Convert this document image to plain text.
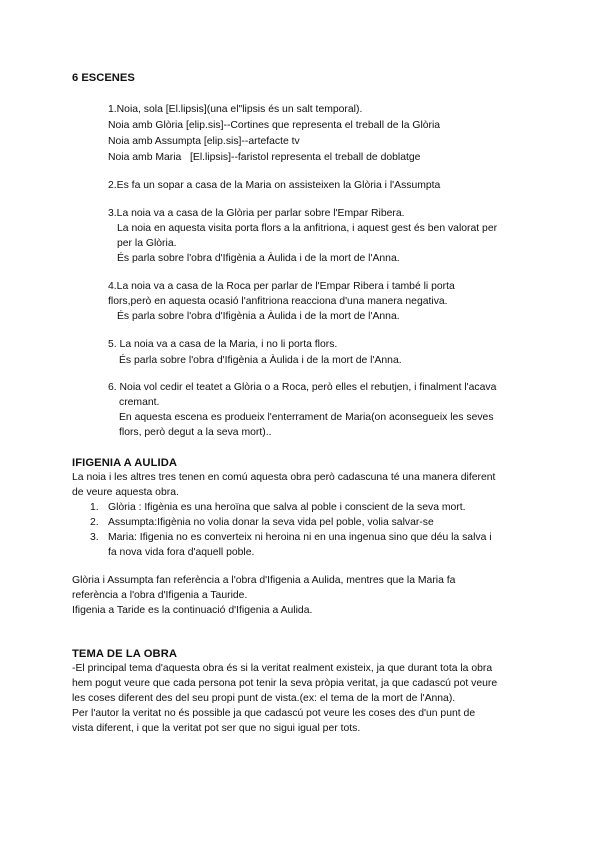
6 ESCENES
1.Noia, sola [El.lipsis](una el"lipsis és un salt temporal).
Noia amb Glòria [elip.sis]--Cortines que representa el treball de la Glòria
Noia amb Assumpta [elip.sis]--artefacte tv
Noia amb Maria   [El.lipsis]--faristol representa el treball de doblatge
2.Es fa un sopar a casa de la Maria on assisteixen la Glòria i l'Assumpta
3.La noia va a casa de la Glòria per parlar sobre l'Empar Ribera.
La noia en aquesta visita porta flors a la anfitriona, i aquest gest és ben valorat per
per la Glòria.
És parla sobre l'obra d'Ifigènia a Àulida i de la mort de l'Anna.
4.La noia va a casa de la Roca per parlar de l'Empar Ribera i també li porta
flors,però en aquesta ocasió l'anfitriona reacciona d'una manera negativa.
És parla sobre l'obra d'Ifigènia a Àulida i de la mort de l'Anna.
5. La noia va a casa de la Maria, i no li porta flors.
És parla sobre l'obra d'Ifigènia a Àulida i de la mort de l'Anna.
6. Noia vol cedir el teatet a Glòria o a Roca, però elles el rebutjen, i finalment l'acava
cremant.
En aquesta escena es produeix l'enterrament de Maria(on aconsegueix les seves
flors, però degut a la seva mort)..
IFIGENIA A AULIDA
La noia i les altres tres tenen en comú aquesta obra però cadascuna té una manera diferent
de veure aquesta obra.
1. Glòria : Ifigènia es una heroïna que salva al poble i conscient de la seva mort.
2. Assumpta:Ifigènia no volia donar la seva vida pel poble, volia salvar-se
3. Maria: Ifigenia no es converteix ni heroina ni en una ingenua sino que déu la salva i
fa nova vida fora d'aquell poble.
Glòria i Assumpta fan referència a l'obra d'Ifigenia a Aulida, mentres que la Maria fa
referència a l'obra d'Ifigenia a Tauride.
Ifigenia a Taride es la continuació d'Ifigenia a Aulida.
TEMA DE LA OBRA
-El principal tema d'aquesta obra és si la veritat realment existeix, ja que durant tota la obra
hem pogut veure que cada persona pot tenir la seva pròpia veritat, ja que cadascú pot veure
les coses diferent des del seu propi punt de vista.(ex: el tema de la mort de l'Anna).
Per l'autor la veritat no és possible ja que cadascú pot veure les coses des d'un punt de
vista diferent, i que la veritat pot ser que no sigui igual per tots.
